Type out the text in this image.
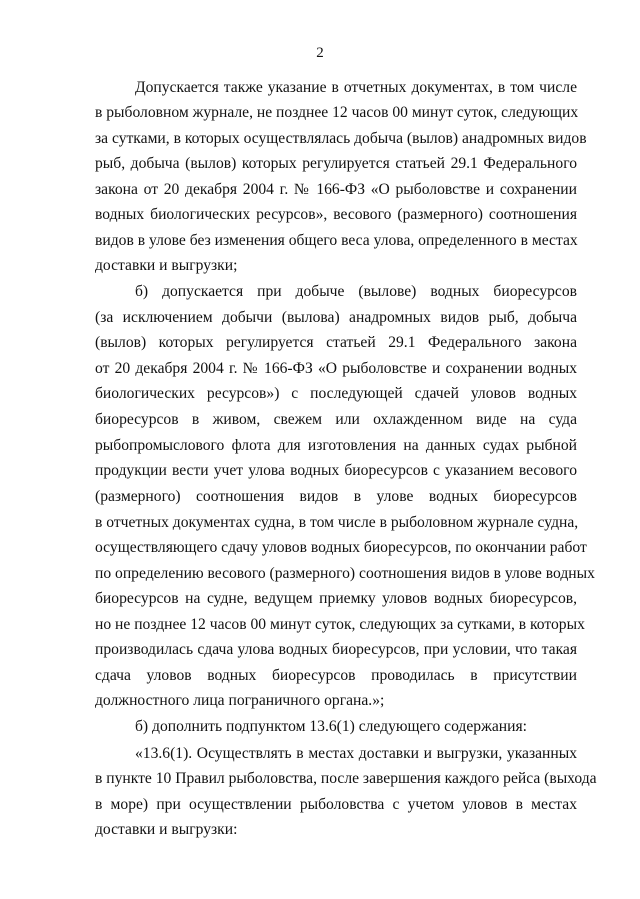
2
Допускается также указание в отчетных документах, в том числе
в рыболовном журнале, не позднее 12 часов 00 минут суток, следующих
за сутками, в которых осуществлялась добыча (вылов) анадромных видов
рыб, добыча (вылов) которых регулируется статьей 29.1 Федерального
закона от 20 декабря 2004 г. № 166-ФЗ «О рыболовстве и сохранении
водных биологических ресурсов», весового (размерного) соотношения
видов в улове без изменения общего веса улова, определенного в местах
доставки и выгрузки;
б) допускается при добыче (вылове) водных биоресурсов
(за исключением добычи (вылова) анадромных видов рыб, добыча
(вылов) которых регулируется статьей 29.1 Федерального закона
от 20 декабря 2004 г. № 166-ФЗ «О рыболовстве и сохранении водных
биологических ресурсов») с последующей сдачей уловов водных
биоресурсов в живом, свежем или охлажденном виде на суда
рыбопромыслового флота для изготовления на данных судах рыбной
продукции вести учет улова водных биоресурсов с указанием весового
(размерного) соотношения видов в улове водных биоресурсов
в отчетных документах судна, в том числе в рыболовном журнале судна,
осуществляющего сдачу уловов водных биоресурсов, по окончании работ
по определению весового (размерного) соотношения видов в улове водных
биоресурсов на судне, ведущем приемку уловов водных биоресурсов,
но не позднее 12 часов 00 минут суток, следующих за сутками, в которых
производилась сдача улова водных биоресурсов, при условии, что такая
сдача уловов водных биоресурсов проводилась в присутствии
должностного лица пограничного органа.»;
б) дополнить подпунктом 13.6(1) следующего содержания:
«13.6(1). Осуществлять в местах доставки и выгрузки, указанных
в пункте 10 Правил рыболовства, после завершения каждого рейса (выхода
в море) при осуществлении рыболовства с учетом уловов в местах
доставки и выгрузки:
